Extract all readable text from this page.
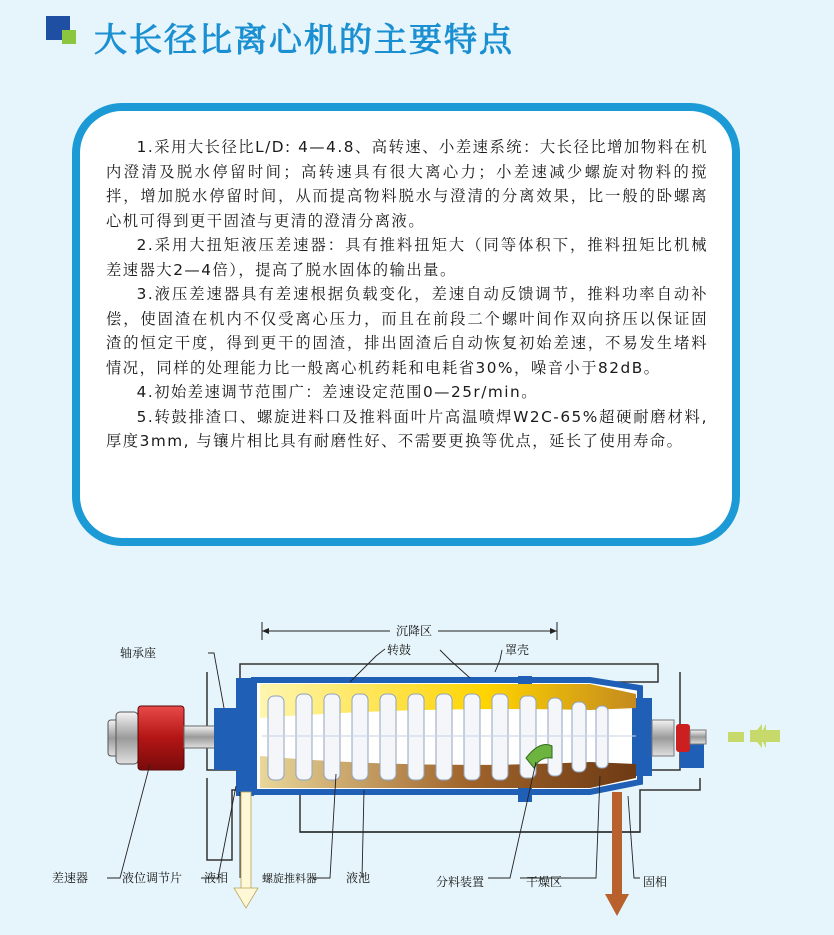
大长径比离心机的主要特点

1.采用大长径比L/D: 4—4.8、高转速、小差速系统：大长径比增加物料在机内澄清及脱水停留时间；高转速具有很大离心力；小差速减少螺旋对物料的搅拌，增加脱水停留时间，从而提高物料脱水与澄清的分离效果，比一般的卧螺离心机可得到更干固渣与更清的澄清分离液。

2.采用大扭矩液压差速器：具有推料扭矩大（同等体积下，推料扭矩比机械差速器大2—4倍），提高了脱水固体的输出量。

3.液压差速器具有差速根据负载变化，差速自动反馈调节，推料功率自动补偿，使固渣在机内不仅受离心压力，而且在前段二个螺叶间作双向挤压以保证固渣的恒定干度，得到更干的固渣，排出固渣后自动恢复初始差速，不易发生堵料情况，同样的处理能力比一般离心机药耗和电耗省30%，噪音小于82dB。

4.初始差速调节范围广：差速设定范围0—25r/min。

5.转鼓排渣口、螺旋进料口及推料面叶片高温喷焊W2C-65%超硬耐磨材料,厚度3mm, 与镶片相比具有耐磨性好、不需要更换等优点，延长了使用寿命。

沉降区
轴承座	转鼓	罩壳
差速器	液位调节片 液相	螺旋推料器 液池	分料装置	干燥区	固相
